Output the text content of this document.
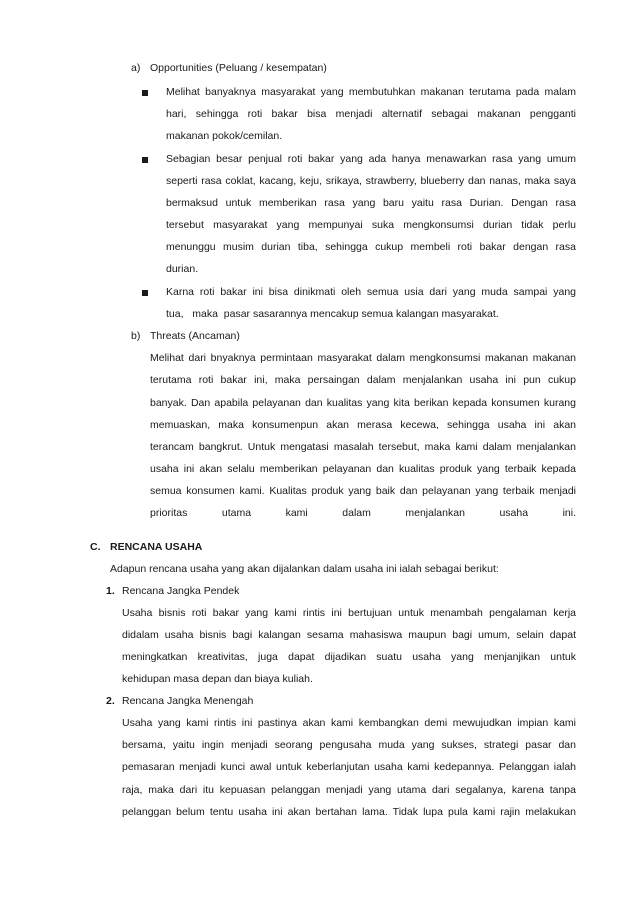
a) Opportunities (Peluang / kesempatan)
Melihat banyaknya masyarakat yang membutuhkan makanan terutama pada malam
hari, sehingga roti bakar bisa menjadi alternatif sebagai makanan pengganti
makanan pokok/cemilan.
Sebagian besar penjual roti bakar yang ada hanya menawarkan rasa yang umum
seperti rasa coklat, kacang, keju, srikaya, strawberry, blueberry dan nanas, maka saya
bermaksud untuk memberikan rasa yang baru yaitu rasa Durian. Dengan rasa
tersebut masyarakat yang mempunyai suka mengkonsumsi durian tidak perlu
menunggu musim durian tiba, sehingga cukup membeli roti bakar dengan rasa
durian.
Karna roti bakar ini bisa dinikmati oleh semua usia dari yang muda sampai yang
tua,   maka  pasar sasarannya mencakup semua kalangan masyarakat.
b) Threats (Ancaman)
Melihat dari bnyaknya permintaan masyarakat dalam mengkonsumsi makanan makanan
terutama roti bakar ini, maka persaingan dalam menjalankan usaha ini pun cukup
banyak. Dan apabila pelayanan dan kualitas yang kita berikan kepada konsumen kurang
memuaskan, maka konsumenpun akan merasa kecewa, sehingga usaha ini akan
terancam bangkrut. Untuk mengatasi masalah tersebut, maka kami dalam menjalankan
usaha ini akan selalu memberikan pelayanan dan kualitas produk yang terbaik kepada
semua konsumen kami. Kualitas produk yang baik dan pelayanan yang terbaik menjadi
prioritas utama kami dalam menjalankan usaha ini.
C. RENCANA USAHA
Adapun rencana usaha yang akan dijalankan dalam usaha ini ialah sebagai berikut:
1. Rencana Jangka Pendek
Usaha bisnis roti bakar yang kami rintis ini bertujuan untuk menambah pengalaman kerja
didalam usaha bisnis bagi kalangan sesama mahasiswa maupun bagi umum, selain dapat
meningkatkan kreativitas, juga dapat dijadikan suatu usaha yang menjanjikan untuk
kehidupan masa depan dan biaya kuliah.
2. Rencana Jangka Menengah
Usaha yang kami rintis ini pastinya akan kami kembangkan demi mewujudkan impian kami
bersama, yaitu ingin menjadi seorang pengusaha muda yang sukses, strategi pasar dan
pemasaran menjadi kunci awal untuk keberlanjutan usaha kami kedepannya. Pelanggan ialah
raja, maka dari itu kepuasan pelanggan menjadi yang utama dari segalanya, karena tanpa
pelanggan belum tentu usaha ini akan bertahan lama. Tidak lupa pula kami rajin melakukan
